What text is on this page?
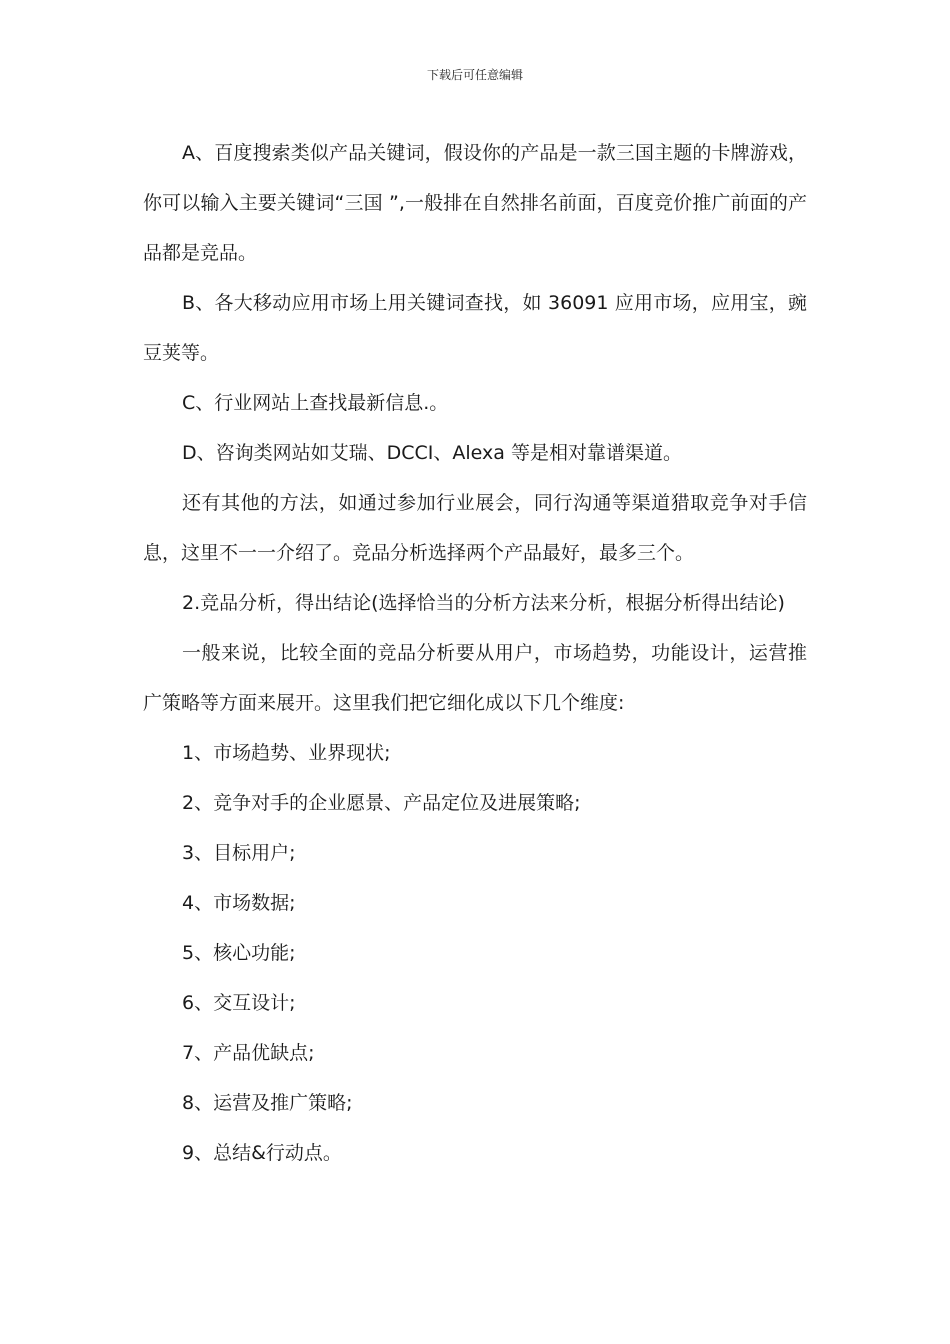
下载后可任意编辑

A、百度搜索类似产品关键词，假设你的产品是一款三国主题的卡牌游戏，你可以输入主要关键词“三国 ”,一般排在自然排名前面，百度竞价推广前面的产品都是竞品。

B、各大移动应用市场上用关键词查找，如 36091 应用市场，应用宝，豌豆荚等。

C、行业网站上查找最新信息.。

D、咨询类网站如艾瑞、DCCI、Alexa 等是相对靠谱渠道。

还有其他的方法，如通过参加行业展会，同行沟通等渠道猎取竞争对手信息，这里不一一介绍了。竞品分析选择两个产品最好，最多三个。

2.竞品分析，得出结论(选择恰当的分析方法来分析，根据分析得出结论)

一般来说，比较全面的竞品分析要从用户，市场趋势，功能设计，运营推广策略等方面来展开。这里我们把它细化成以下几个维度:

1、市场趋势、业界现状;

2、竞争对手的企业愿景、产品定位及进展策略;

3、目标用户;

4、市场数据;

5、核心功能;

6、交互设计;

7、产品优缺点;

8、运营及推广策略;

9、总结&行动点。
